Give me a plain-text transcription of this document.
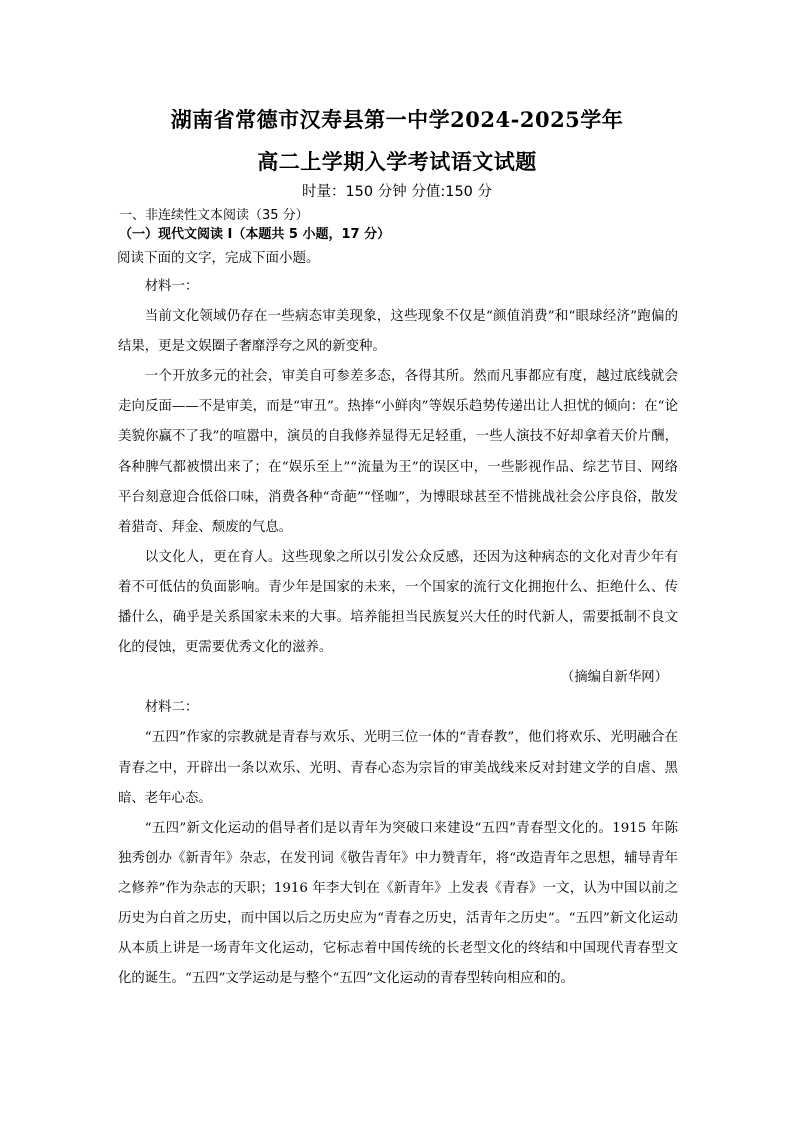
湖南省常德市汉寿县第一中学2024-2025学年
高二上学期入学考试语文试题
时量：150 分钟 分值:150 分
一、非连续性文本阅读（35 分）
（一）现代文阅读 I（本题共 5 小题，17 分）
阅读下面的文字，完成下面小题。

材料一：

当前文化领域仍存在一些病态审美现象，这些现象不仅是“颜值消费”和“眼球经济”跑偏的结果，更是文娱圈子奢靡浮夸之风的新变种。

一个开放多元的社会，审美自可参差多态，各得其所。然而凡事都应有度，越过底线就会走向反面——不是审美，而是“审丑”。热捧“小鲜肉”等娱乐趋势传递出让人担忧的倾向：在“论美貌你赢不了我”的喧嚣中，演员的自我修养显得无足轻重，一些人演技不好却拿着天价片酬，各种脾气都被惯出来了；在“娱乐至上”“流量为王”的误区中，一些影视作品、综艺节目、网络平台刻意迎合低俗口味，消费各种“奇葩”“怪咖”，为博眼球甚至不惜挑战社会公序良俗，散发着猎奇、拜金、颓废的气息。

以文化人，更在育人。这些现象之所以引发公众反感，还因为这种病态的文化对青少年有着不可低估的负面影响。青少年是国家的未来，一个国家的流行文化拥抱什么、拒绝什么、传播什么，确乎是关系国家未来的大事。培养能担当民族复兴大任的时代新人，需要抵制不良文化的侵蚀，更需要优秀文化的滋养。

（摘编自新华网）

材料二：

“五四”作家的宗教就是青春与欢乐、光明三位一体的“青春教”，他们将欢乐、光明融合在青春之中，开辟出一条以欢乐、光明、青春心态为宗旨的审美战线来反对封建文学的自虐、黑暗、老年心态。

“五四”新文化运动的倡导者们是以青年为突破口来建设“五四”青春型文化的。1915 年陈独秀创办《新青年》杂志，在发刊词《敬告青年》中力赞青年，将“改造青年之思想，辅导青年之修养”作为杂志的天职；1916 年李大钊在《新青年》上发表《青春》一文，认为中国以前之历史为白首之历史，而中国以后之历史应为“青春之历史，活青年之历史”。“五四”新文化运动从本质上讲是一场青年文化运动，它标志着中国传统的长老型文化的终结和中国现代青春型文化的诞生。“五四”文学运动是与整个“五四”文化运动的青春型转向相应和的。
